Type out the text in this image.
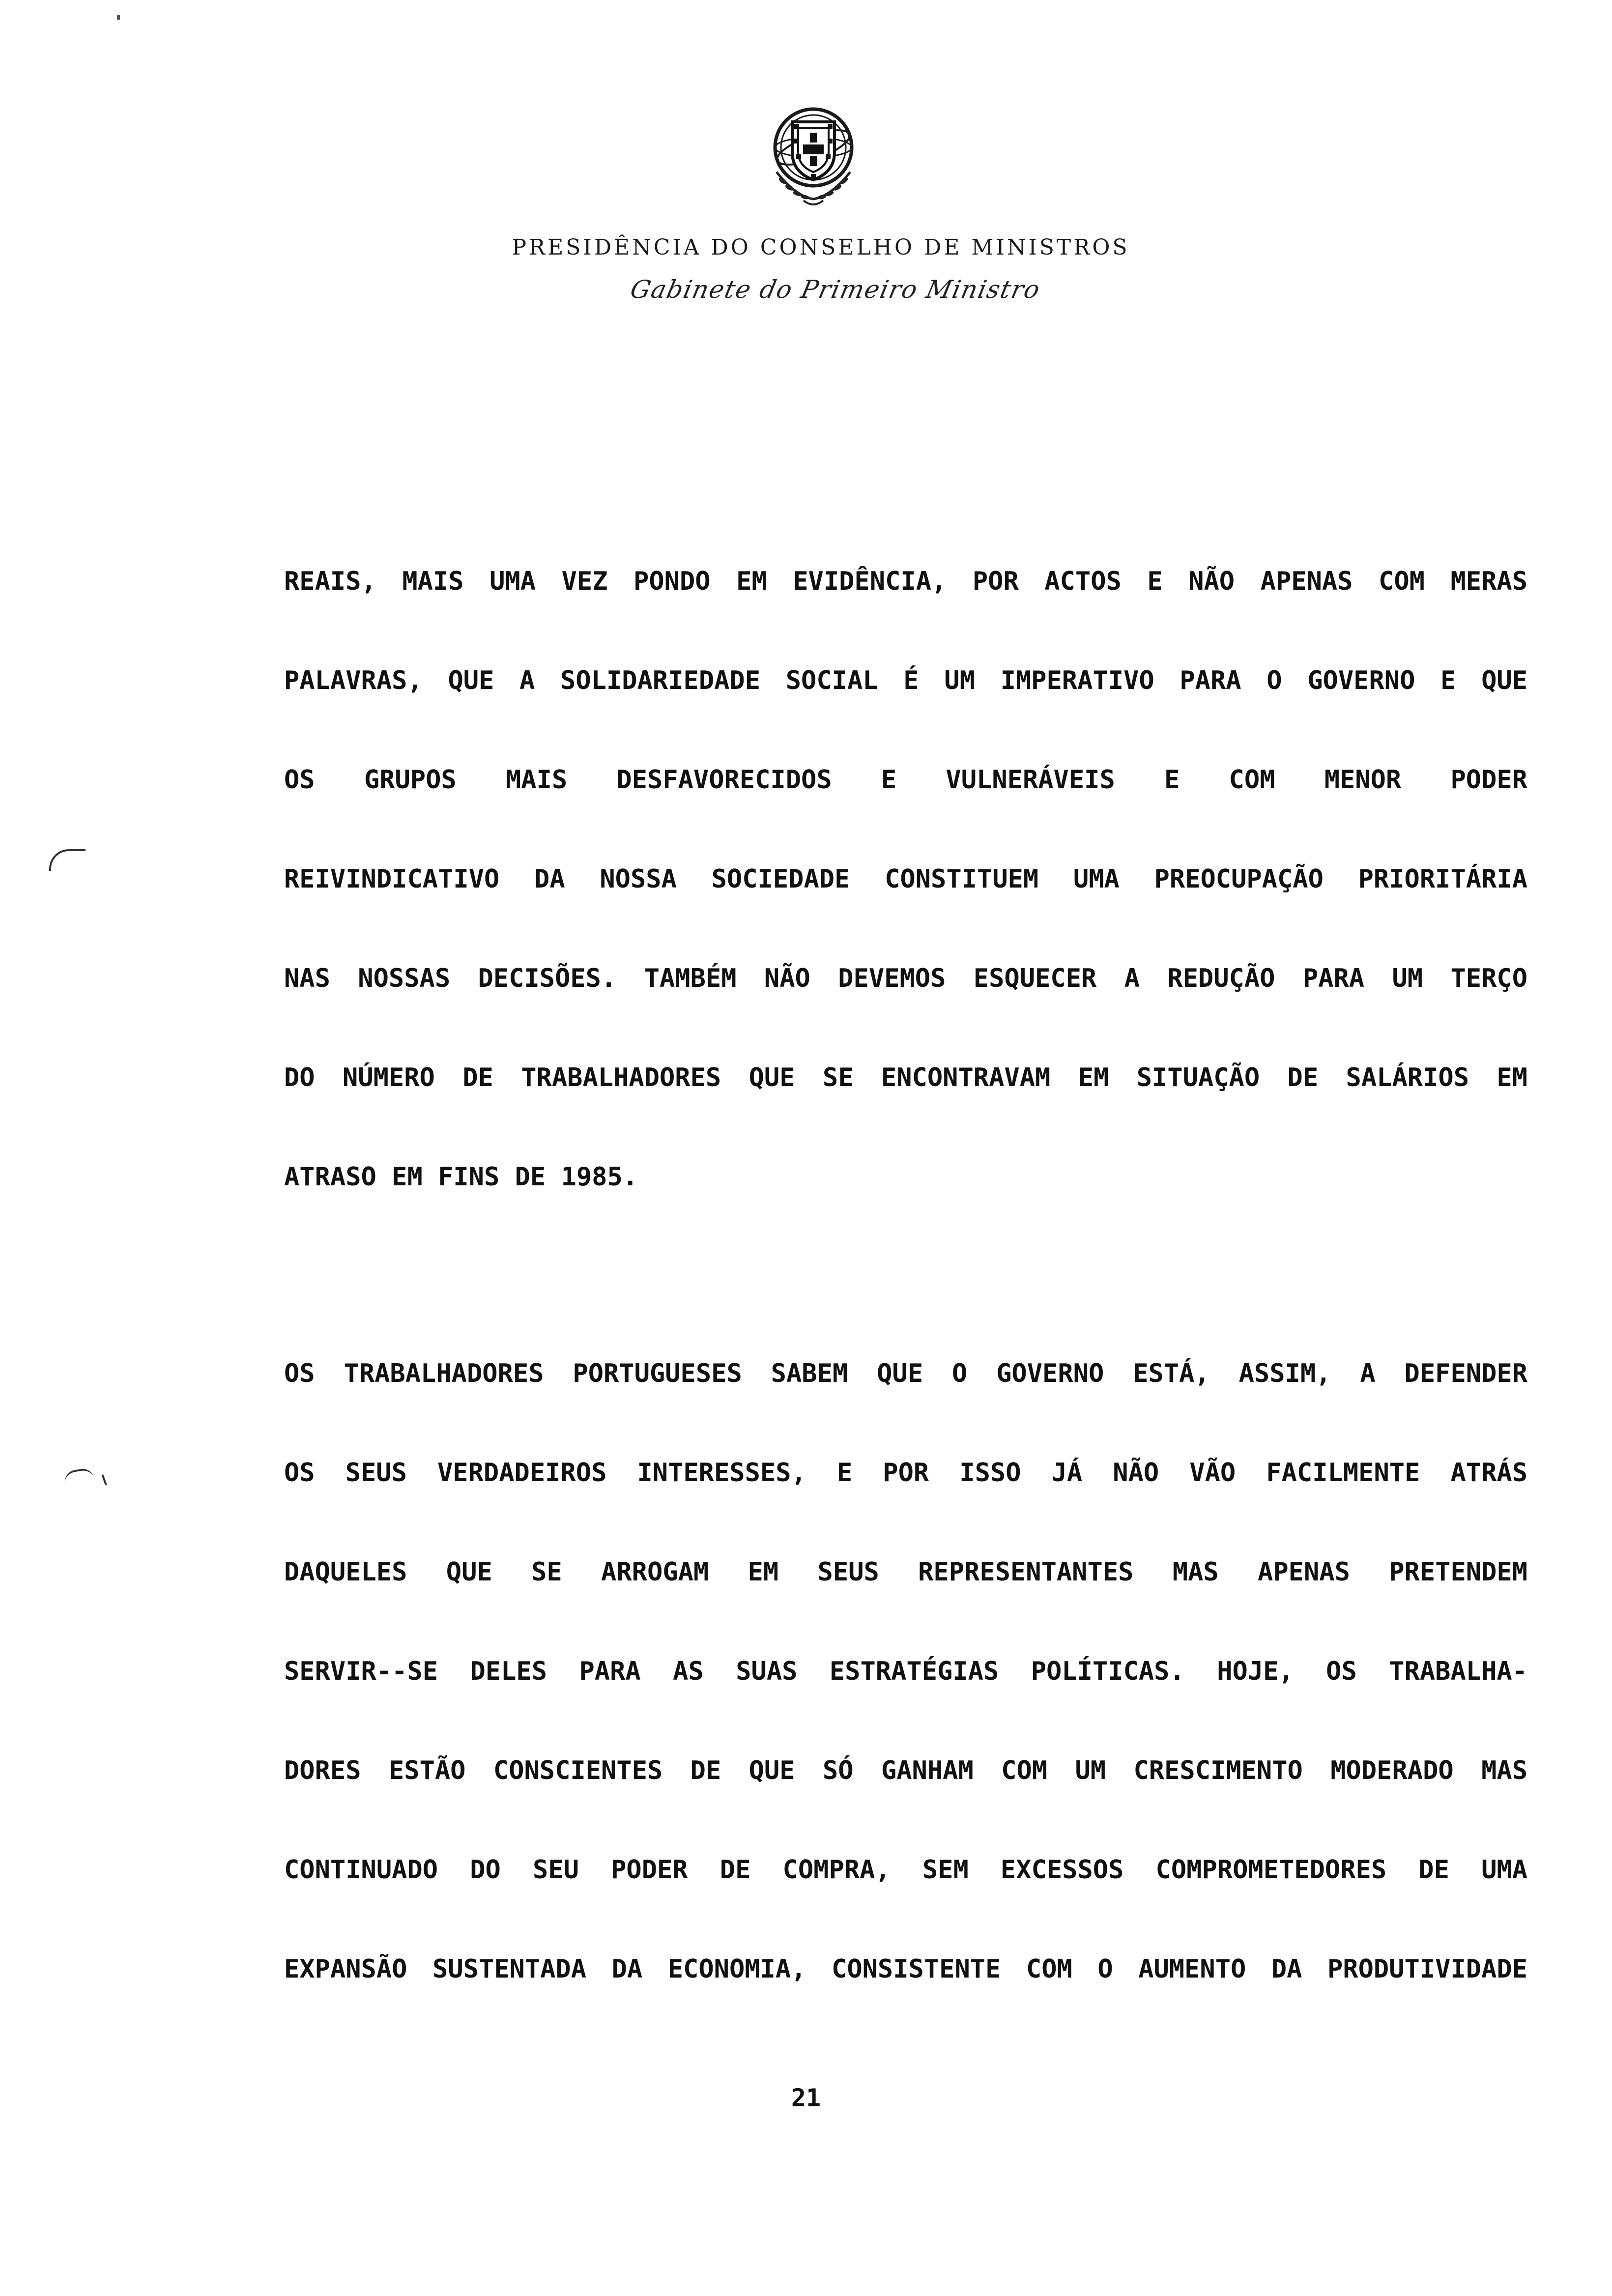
PRESIDÊNCIA DO CONSELHO DE MINISTROS
Gabinete do Primeiro Ministro
REAIS, MAIS UMA VEZ PONDO EM EVIDÊNCIA, POR ACTOS E NÃO APENAS COM MERAS
PALAVRAS, QUE A SOLIDARIEDADE SOCIAL É UM IMPERATIVO PARA O GOVERNO E QUE
OS GRUPOS MAIS DESFAVORECIDOS E VULNERÁVEIS E COM MENOR PODER
REIVINDICATIVO DA NOSSA SOCIEDADE CONSTITUEM UMA PREOCUPAÇÃO PRIORITÁRIA
NAS NOSSAS DECISÕES. TAMBÉM NÃO DEVEMOS ESQUECER A REDUÇÃO PARA UM TERÇO
DO NÚMERO DE TRABALHADORES QUE SE ENCONTRAVAM EM SITUAÇÃO DE SALÁRIOS EM
ATRASO EM FINS DE 1985.
OS TRABALHADORES PORTUGUESES SABEM QUE O GOVERNO ESTÁ, ASSIM, A DEFENDER
OS SEUS VERDADEIROS INTERESSES, E POR ISSO JÁ NÃO VÃO FACILMENTE ATRÁS
DAQUELES QUE SE ARROGAM EM SEUS REPRESENTANTES MAS APENAS PRETENDEM
SERVIR--SE DELES PARA AS SUAS ESTRATÉGIAS POLÍTICAS. HOJE, OS TRABALHA-
DORES ESTÃO CONSCIENTES DE QUE SÓ GANHAM COM UM CRESCIMENTO MODERADO MAS
CONTINUADO DO SEU PODER DE COMPRA, SEM EXCESSOS COMPROMETEDORES DE UMA
EXPANSÃO SUSTENTADA DA ECONOMIA, CONSISTENTE COM O AUMENTO DA PRODUTIVIDADE
21
